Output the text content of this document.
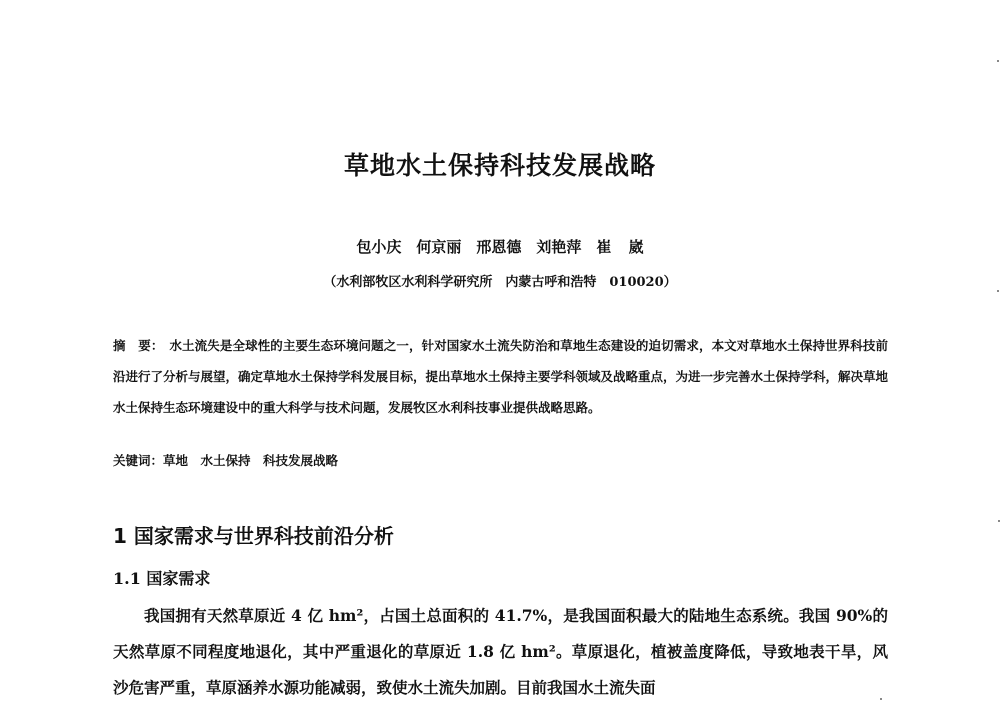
草地水土保持科技发展战略
包小庆　何京丽　邢恩德　刘艳萍　崔 崴
（水利部牧区水利科学研究所　内蒙古呼和浩特　010020）
摘　要： 水土流失是全球性的主要生态环境问题之一，针对国家水土流失防治和草地生态建设的迫切需求，本文对草地水土保持世界科技前沿进行了分析与展望，确定草地水土保持学科发展目标，提出草地水土保持主要学科领域及战略重点，为进一步完善水土保持学科，解决草地水土保持生态环境建设中的重大科学与技术问题，发展牧区水利科技事业提供战略思路。
关键词：草地　水土保持　科技发展战略
1 国家需求与世界科技前沿分析
1.1 国家需求
我国拥有天然草原近 4 亿 hm²，占国土总面积的 41.7%，是我国面积最大的陆地生态系统。我国 90%的天然草原不同程度地退化，其中严重退化的草原近 1.8 亿 hm²。草原退化，植被盖度降低，导致地表干旱，风沙危害严重，草原涵养水源功能减弱，致使水土流失加剧。目前我国水土流失面
